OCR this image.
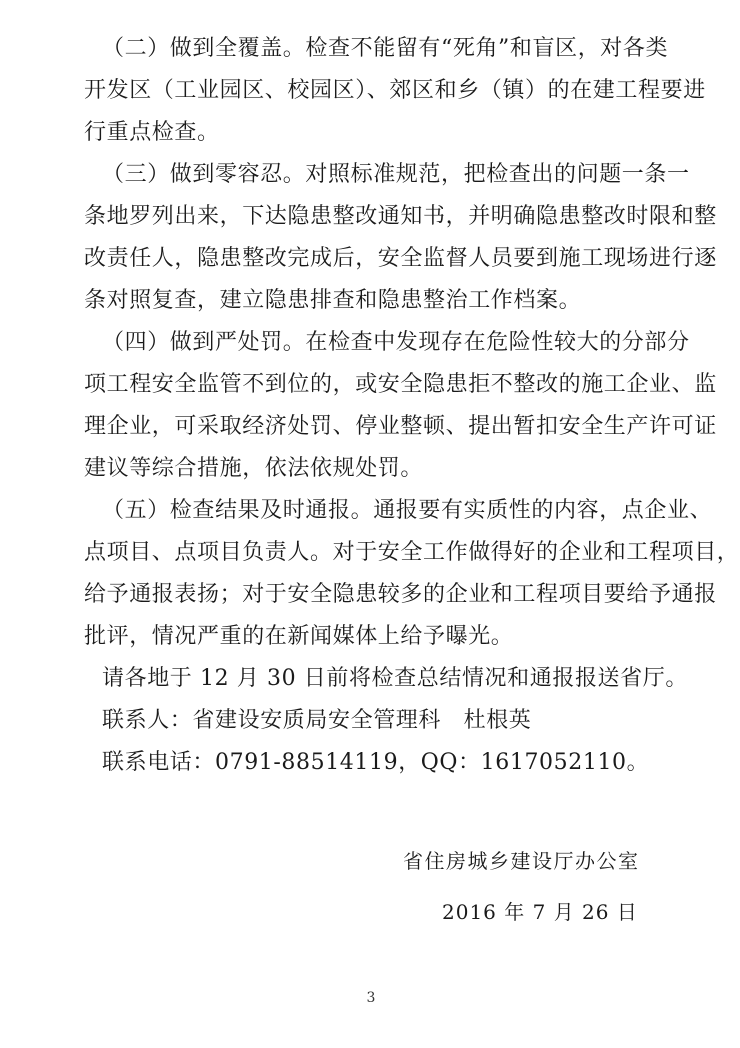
（二）做到全覆盖。检查不能留有“死角”和盲区，对各类
开发区（工业园区、校园区）、郊区和乡（镇）的在建工程要进
行重点检查。
（三）做到零容忍。对照标准规范，把检查出的问题一条一
条地罗列出来，下达隐患整改通知书，并明确隐患整改时限和整
改责任人，隐患整改完成后，安全监督人员要到施工现场进行逐
条对照复查，建立隐患排查和隐患整治工作档案。
（四）做到严处罚。在检查中发现存在危险性较大的分部分
项工程安全监管不到位的，或安全隐患拒不整改的施工企业、监
理企业，可采取经济处罚、停业整顿、提出暂扣安全生产许可证
建议等综合措施，依法依规处罚。
（五）检查结果及时通报。通报要有实质性的内容，点企业、
点项目、点项目负责人。对于安全工作做得好的企业和工程项目，
给予通报表扬；对于安全隐患较多的企业和工程项目要给予通报
批评，情况严重的在新闻媒体上给予曝光。
请各地于 12 月 30 日前将检查总结情况和通报报送省厅。
联系人：省建设安质局安全管理科　杜根英
联系电话：0791-88514119，QQ：1617052110。
省住房城乡建设厅办公室
2016 年 7 月 26 日
3
